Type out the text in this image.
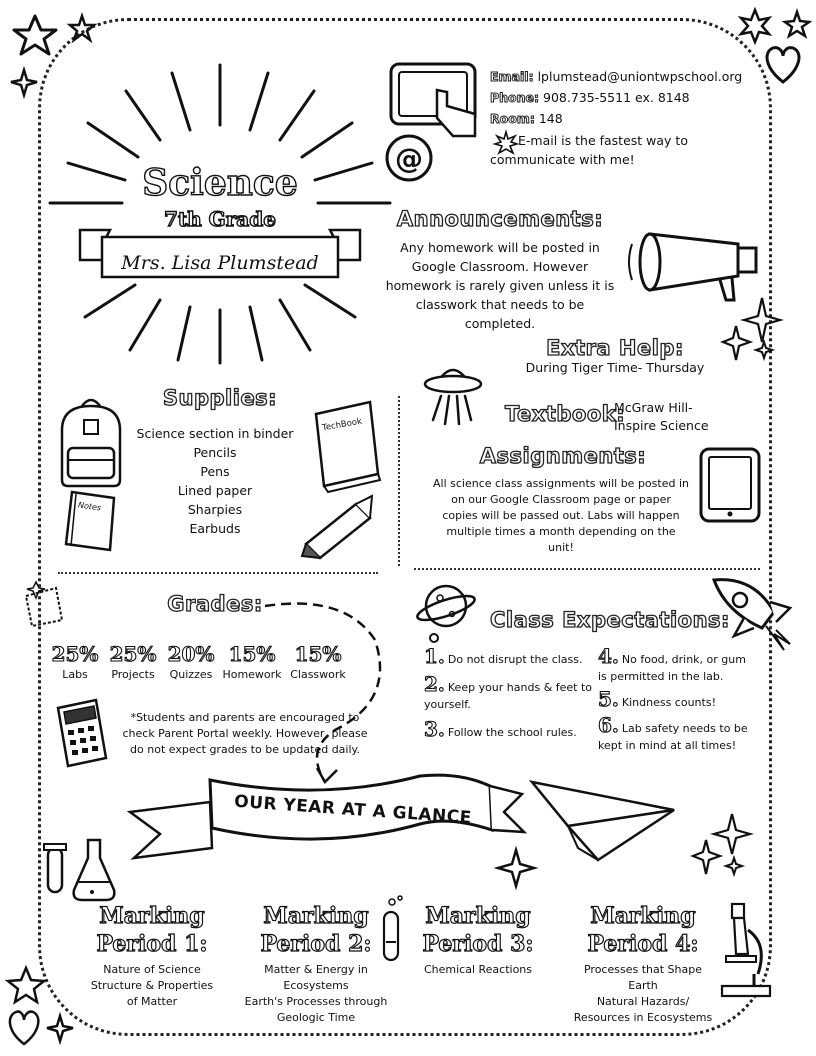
Science
7th Grade
Mrs. Lisa Plumstead
@
Email: lplumstead@uniontwpschool.org
Phone: 908.735-5511 ex. 8148
Room: 148
E-mail is the fastest way to communicate with me!
Announcements:
Any homework will be posted in Google Classroom. However homework is rarely given unless it is classwork that needs to be completed.
Extra Help:
During Tiger Time- Thursday
Textbook:
McGraw Hill-
Inspire Science
Assignments:
All science class assignments will be posted in on our Google Classroom page or paper copies will be passed out. Labs will happen multiple times a month depending on the unit!
Supplies:
Science section in binder
Pencils
Pens
Lined paper
Sharpies
Earbuds
Notes
TechBook
Grades:
25%
Labs
25%
Projects
20%
Quizzes
15%
Homework
15%
Classwork
*Students and parents are encouraged to check Parent Portal weekly. However, please do not expect grades to be updated daily.
Class Expectations:
1. Do not disrupt the class.
2. Keep your hands & feet to yourself.
3. Follow the school rules.
4. No food, drink, or gum is permitted in the lab.
5. Kindness counts!
6. Lab safety needs to be kept in mind at all times!
OUR YEAR AT A GLANCE
Marking
Period 1:
Nature of Science
Structure & Properties
of Matter
Marking
Period 2:
Matter & Energy in
Ecosystems
Earth's Processes through
Geologic Time
Marking
Period 3:
Chemical Reactions
Marking
Period 4:
Processes that Shape
Earth
Natural Hazards/
Resources in Ecosystems
